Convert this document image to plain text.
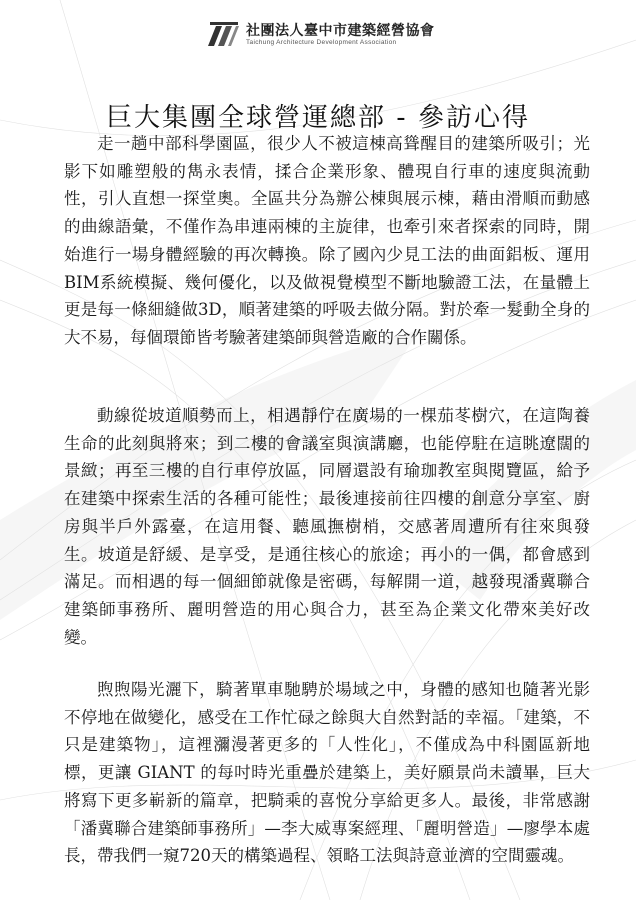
社團法人臺中市建築經營協會
Taichung Architecture Development Association
巨大集團全球營運總部 - 參訪心得

走一趟中部科學園區，很少人不被這棟高聳醒目的建築所吸引；光影下如雕塑般的雋永表情，揉合企業形象、體現自行車的速度與流動性，引人直想一探堂奧。全區共分為辦公棟與展示棟，藉由滑順而動感的曲線語彙，不僅作為串連兩棟的主旋律，也牽引來者探索的同時，開始進行一場身體經驗的再次轉換。除了國內少見工法的曲面鋁板、運用BIM系統模擬、幾何優化，以及做視覺模型不斷地驗證工法，在量體上更是每一條細縫做3D，順著建築的呼吸去做分隔。對於牽一髮動全身的大不易，每個環節皆考驗著建築師與營造廠的合作關係。

動線從坡道順勢而上，相遇靜佇在廣場的一棵茄苳樹穴，在這陶養生命的此刻與將來；到二樓的會議室與演講廳，也能停駐在這眺遼闊的景緻；再至三樓的自行車停放區，同層還設有瑜珈教室與閱覽區，給予在建築中探索生活的各種可能性；最後連接前往四樓的創意分享室、廚房與半戶外露臺，在這用餐、聽風撫樹梢，交感著周遭所有往來與發生。坡道是舒緩、是享受，是通往核心的旅途；再小的一偶，都會感到滿足。而相遇的每一個細節就像是密碼，每解開一道，越發現潘冀聯合建築師事務所、麗明營造的用心與合力，甚至為企業文化帶來美好改變。

煦煦陽光灑下，騎著單車馳騁於場域之中，身體的感知也隨著光影不停地在做變化，感受在工作忙碌之餘與大自然對話的幸福。「建築，不只是建築物」，這裡瀰漫著更多的「人性化」，不僅成為中科園區新地標，更讓 GIANT 的每吋時光重疊於建築上，美好願景尚未讀畢，巨大將寫下更多嶄新的篇章，把騎乘的喜悅分享給更多人。最後，非常感謝「潘冀聯合建築師事務所」—李大威專案經理、「麗明營造」—廖學本處長，帶我們一窺720天的構築過程、領略工法與詩意並濟的空間靈魂。
